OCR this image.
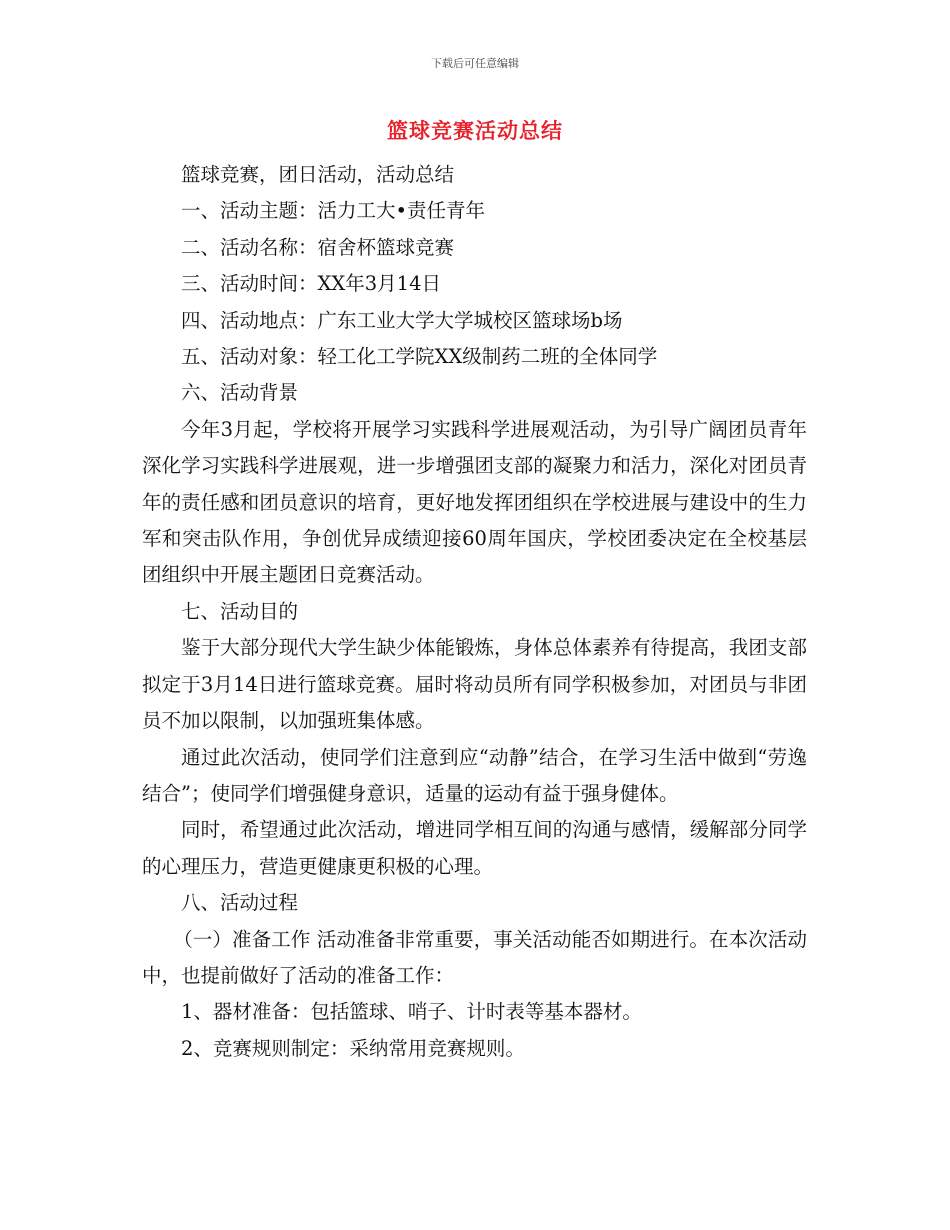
下载后可任意编辑
篮球竞赛活动总结

篮球竞赛，团日活动，活动总结

一、活动主题：活力工大•责任青年

二、活动名称：宿舍杯篮球竞赛

三、活动时间：XX年3月14日

四、活动地点：广东工业大学大学城校区篮球场b场

五、活动对象：轻工化工学院XX级制药二班的全体同学

六、活动背景

今年3月起，学校将开展学习实践科学进展观活动，为引导广阔团员青年深化学习实践科学进展观，进一步增强团支部的凝聚力和活力，深化对团员青年的责任感和团员意识的培育，更好地发挥团组织在学校进展与建设中的生力军和突击队作用，争创优异成绩迎接60周年国庆，学校团委决定在全校基层团组织中开展主题团日竞赛活动。

七、活动目的

鉴于大部分现代大学生缺少体能锻炼，身体总体素养有待提高，我团支部拟定于3月14日进行篮球竞赛。届时将动员所有同学积极参加，对团员与非团员不加以限制，以加强班集体感。

通过此次活动，使同学们注意到应“动静”结合，在学习生活中做到“劳逸结合”；使同学们增强健身意识，适量的运动有益于强身健体。

同时，希望通过此次活动，增进同学相互间的沟通与感情，缓解部分同学的心理压力，营造更健康更积极的心理。

八、活动过程

（一）准备工作 活动准备非常重要，事关活动能否如期进行。在本次活动中，也提前做好了活动的准备工作：

1、器材准备：包括篮球、哨子、计时表等基本器材。

2、竞赛规则制定：采纳常用竞赛规则。
